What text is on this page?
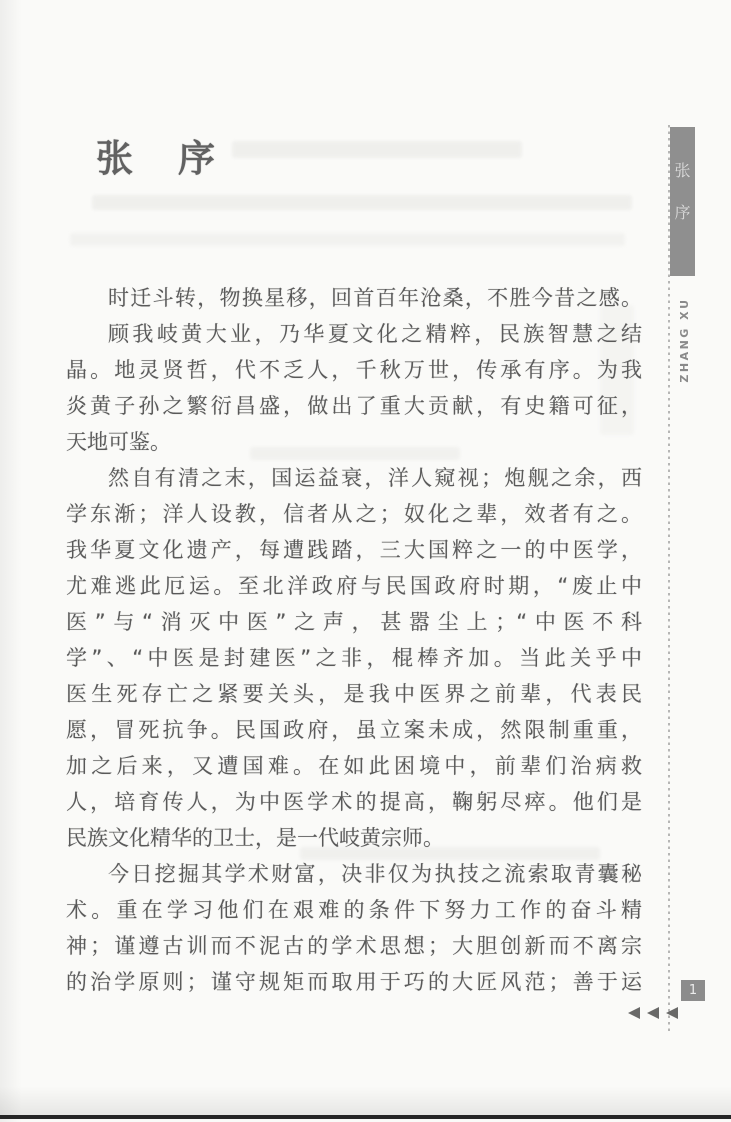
张　序
时迁斗转，物换星移，回首百年沧桑，不胜今昔之感。
顾我岐黄大业，乃华夏文化之精粹，民族智慧之结
晶。地灵贤哲，代不乏人，千秋万世，传承有序。为我
炎黄子孙之繁衍昌盛，做出了重大贡献，有史籍可征，
天地可鉴。
然自有清之末，国运益衰，洋人窥视；炮舰之余，西
学东渐；洋人设教，信者从之；奴化之辈，效者有之。
我华夏文化遗产，每遭践踏，三大国粹之一的中医学，
尤难逃此厄运。至北洋政府与民国政府时期，“废止中
医”与“消灭中医”之声，甚嚣尘上；“中医不科
学”、“中医是封建医”之非，棍棒齐加。当此关乎中
医生死存亡之紧要关头，是我中医界之前辈，代表民
愿，冒死抗争。民国政府，虽立案未成，然限制重重，
加之后来，又遭国难。在如此困境中，前辈们治病救
人，培育传人，为中医学术的提高，鞠躬尽瘁。他们是
民族文化精华的卫士，是一代岐黄宗师。
今日挖掘其学术财富，决非仅为执技之流索取青囊秘
术。重在学习他们在艰难的条件下努力工作的奋斗精
神；谨遵古训而不泥古的学术思想；大胆创新而不离宗
的治学原则；谨守规矩而取用于巧的大匠风范；善于运
张
序
ZHANG XU
1
